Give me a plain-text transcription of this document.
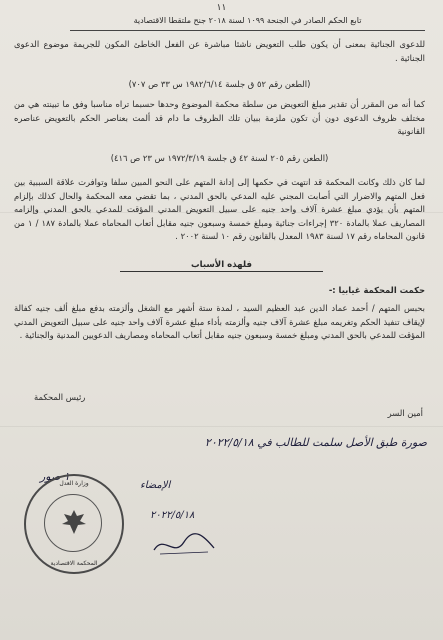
١١
تابع الحكم الصادر في الجنحة ١٠٩٩ لسنة ٢٠١٨ جنح ملتقطا الاقتصادية
للدعوى الجنائية بمعنى أن يكون طلب التعويض ناشئا مباشرة عن الفعل الخاطئ المكون للجريمة موضوع الدعوى الجنائية .
(الطعن رقم ٥٢ ق جلسة ١٩٨٢/٦/١٤ س ٣٣ ص ٧٠٧)
كما أنه من المقرر أن تقدير مبلغ التعويض من سلطة محكمة الموضوع وحدها حسبما تراه مناسبا وفق ما تبينته هي من مختلف ظروف الدعوى دون أن تكون ملزمة ببيان تلك الظروف ما دام قد ألمت بعناصر الحكم بالتعويض عناصره القانونية
(الطعن رقم ٢٠٥ لسنة ٤٢ ق جلسة ١٩٧٢/٣/١٩ س ٢٣ ص ٤١٦)
لما كان ذلك وكانت المحكمة قد انتهت في حكمها إلى إدانة المتهم على النحو المبين سلفا وتوافرت علاقة السببية بين فعل المتهم والاضرار التي أصابت المجني عليه المدعي بالحق المدني ، بما تقضي معه المحكمة والحال كذلك بإلزام المتهم بأن يؤدي مبلغ عشرة آلاف واحد جنيه على سبيل التعويض المدني المؤقت للمدعي بالحق المدني وإلزامه المصاريف عملا بالمادة ٣٢٠ إجراءات جنائية ومبلغ خمسة وسبعون جنيه مقابل أتعاب المحاماه عملا بالمادة ١٨٧ / ١ من قانون المحاماه رقم ١٧ لسنة ١٩٨٣ المعدل بالقانون رقم ١٠ لسنة ٢٠٠٢ .
فلهذه الأسباب
حكمت المحكمة غيابيا :-
بحبس المتهم / أحمد عماد الدين عبد العظيم السيد ، لمدة ستة أشهر مع الشغل وألزمته بدفع مبلغ ألف جنيه كفالة لإيقاف تنفيذ الحكم وتغريمه مبلغ عشرة آلاف جنيه وألزمته بأداء مبلغ عشرة آلاف واحد جنيه على سبيل التعويض المدني المؤقت للمدعي بالحق المدني ومبلغ خمسة وسبعون جنيه مقابل أتعاب المحاماه ومصاريف الدعويين المدنية والجنائية .
أمين السر
رئيس المحكمة
صورة طبق الأصل سلمت للطالب في ٢٠٢٢/٥/١٨
١ صور
الإمضاء
٢٠٢٢/٥/١٨
وزارة العدل
المحكمة الاقتصادية
